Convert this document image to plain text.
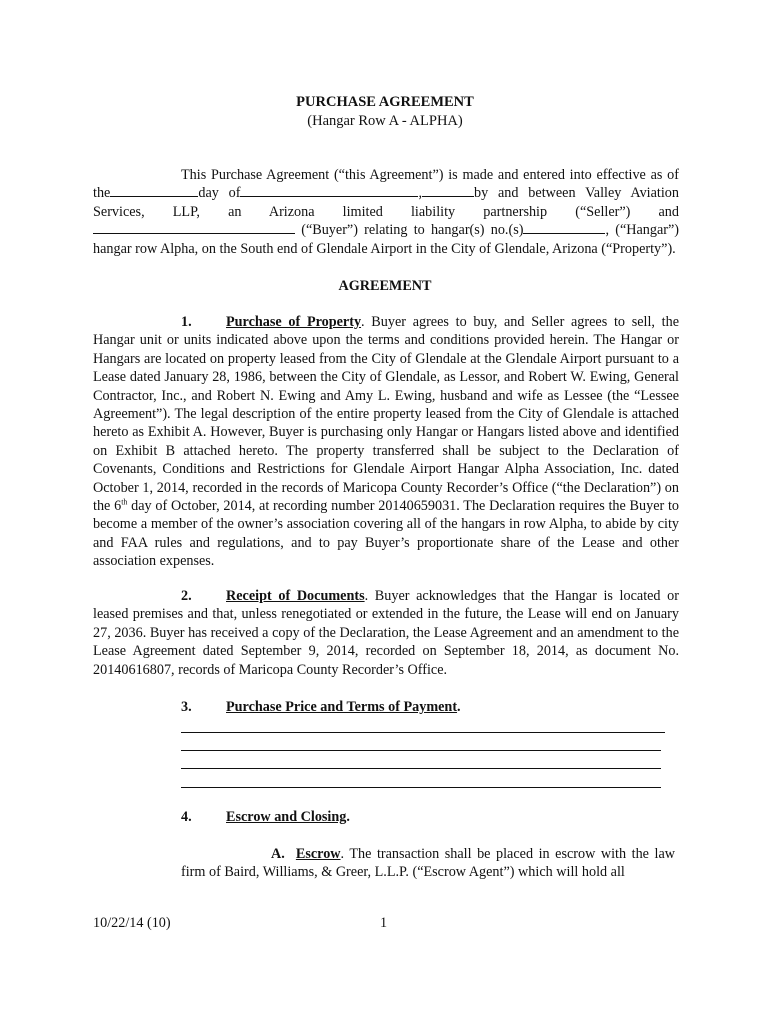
PURCHASE AGREEMENT
(Hangar Row A - ALPHA)

This Purchase Agreement (“this Agreement”) is made and entered into effective as of the	day of	,	by and between Valley Aviation Services, LLP, an Arizona limited liability partnership (“Seller”) and  (“Buyer”) relating to hangar(s) no.(s)	, (“Hangar”) hangar row Alpha, on the South end of Glendale Airport in the City of Glendale, Arizona (“Property”).

AGREEMENT

1. Purchase of Property. Buyer agrees to buy, and Seller agrees to sell, the Hangar unit or units indicated above upon the terms and conditions provided herein. The Hangar or Hangars are located on property leased from the City of Glendale at the Glendale Airport pursuant to a Lease dated January 28, 1986, between the City of Glendale, as Lessor, and Robert W. Ewing, General Contractor, Inc., and Robert N. Ewing and Amy L. Ewing, husband and wife as Lessee (the “Lessee Agreement”). The legal description of the entire property leased from the City of Glendale is attached hereto as Exhibit A. However, Buyer is purchasing only Hangar or Hangars listed above and identified on Exhibit B attached hereto. The property transferred shall be subject to the Declaration of Covenants, Conditions and Restrictions for Glendale Airport Hangar Alpha Association, Inc. dated October 1, 2014, recorded in the records of Maricopa County Recorder’s Office (“the Declaration”) on the 6th day of October, 2014, at recording number 20140659031. The Declaration requires the Buyer to become a member of the owner’s association covering all of the hangars in row Alpha, to abide by city and FAA rules and regulations, and to pay Buyer’s proportionate share of the Lease and other association expenses.

2. Receipt of Documents. Buyer acknowledges that the Hangar is located or leased premises and that, unless renegotiated or extended in the future, the Lease will end on January 27, 2036. Buyer has received a copy of the Declaration, the Lease Agreement and an amendment to the Lease Agreement dated September 9, 2014, recorded on September 18, 2014, as document No. 20140616807, records of Maricopa County Recorder’s Office.

3. Purchase Price and Terms of Payment.

4. Escrow and Closing.

A. Escrow. The transaction shall be placed in escrow with the law firm of Baird, Williams, & Greer, L.L.P. (“Escrow Agent”) which will hold all

10/22/14 (10)	1
